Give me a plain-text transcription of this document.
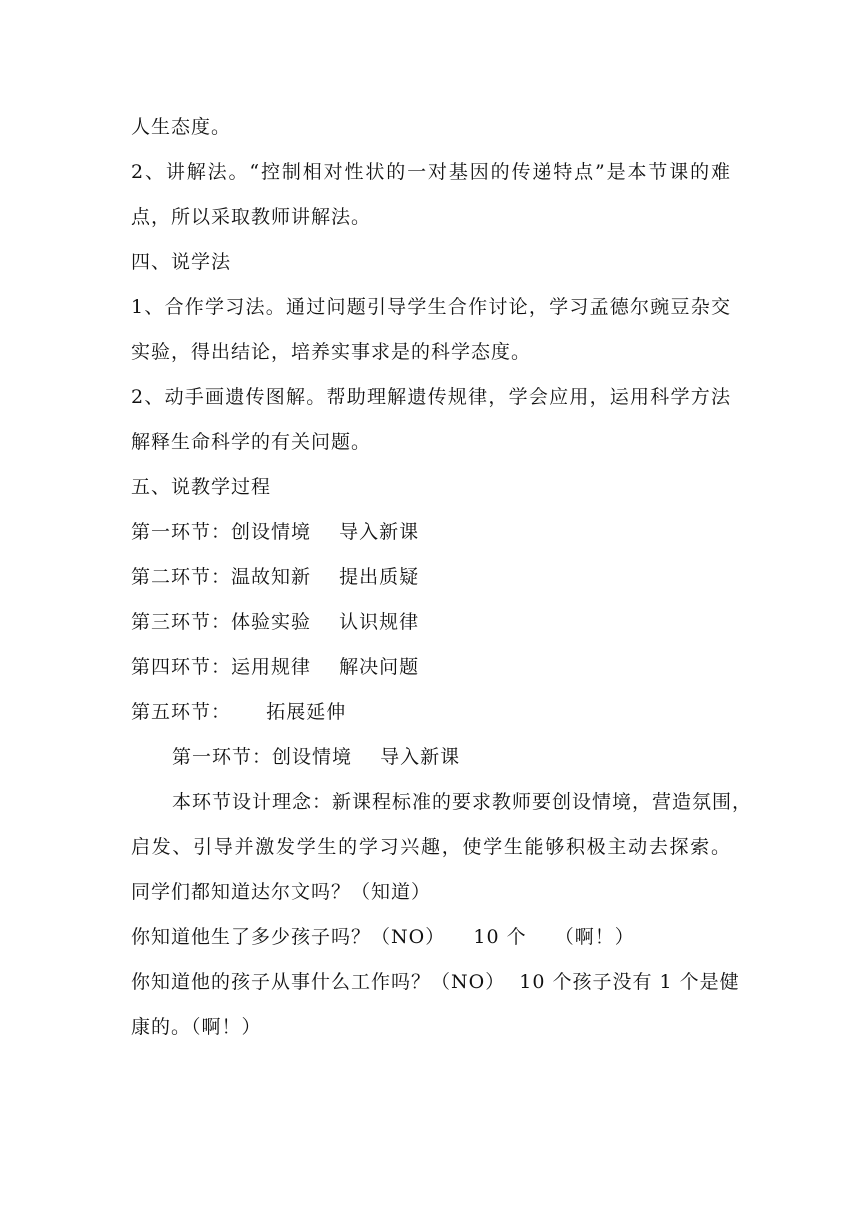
人生态度。
2、讲解法。“控制相对性状的一对基因的传递特点”是本节课的难
点，所以采取教师讲解法。
四、说学法
1、合作学习法。通过问题引导学生合作讨论，学习孟德尔豌豆杂交
实验，得出结论，培养实事求是的科学态度。
2、动手画遗传图解。帮助理解遗传规律，学会应用，运用科学方法
解释生命科学的有关问题。
五、说教学过程
第一环节：创设情境    导入新课
第二环节：温故知新    提出质疑
第三环节：体验实验    认识规律
第四环节：运用规律    解决问题
第五环节：     拓展延伸
第一环节：创设情境    导入新课
本环节设计理念：新课程标准的要求教师要创设情境，营造氛围，
启发、引导并激发学生的学习兴趣，使学生能够积极主动去探索。
同学们都知道达尔文吗？（知道）
你知道他生了多少孩子吗？（NO）    10 个    （啊！）
你知道他的孩子从事什么工作吗？（NO）  10 个孩子没有 1 个是健
康的。（啊！）
